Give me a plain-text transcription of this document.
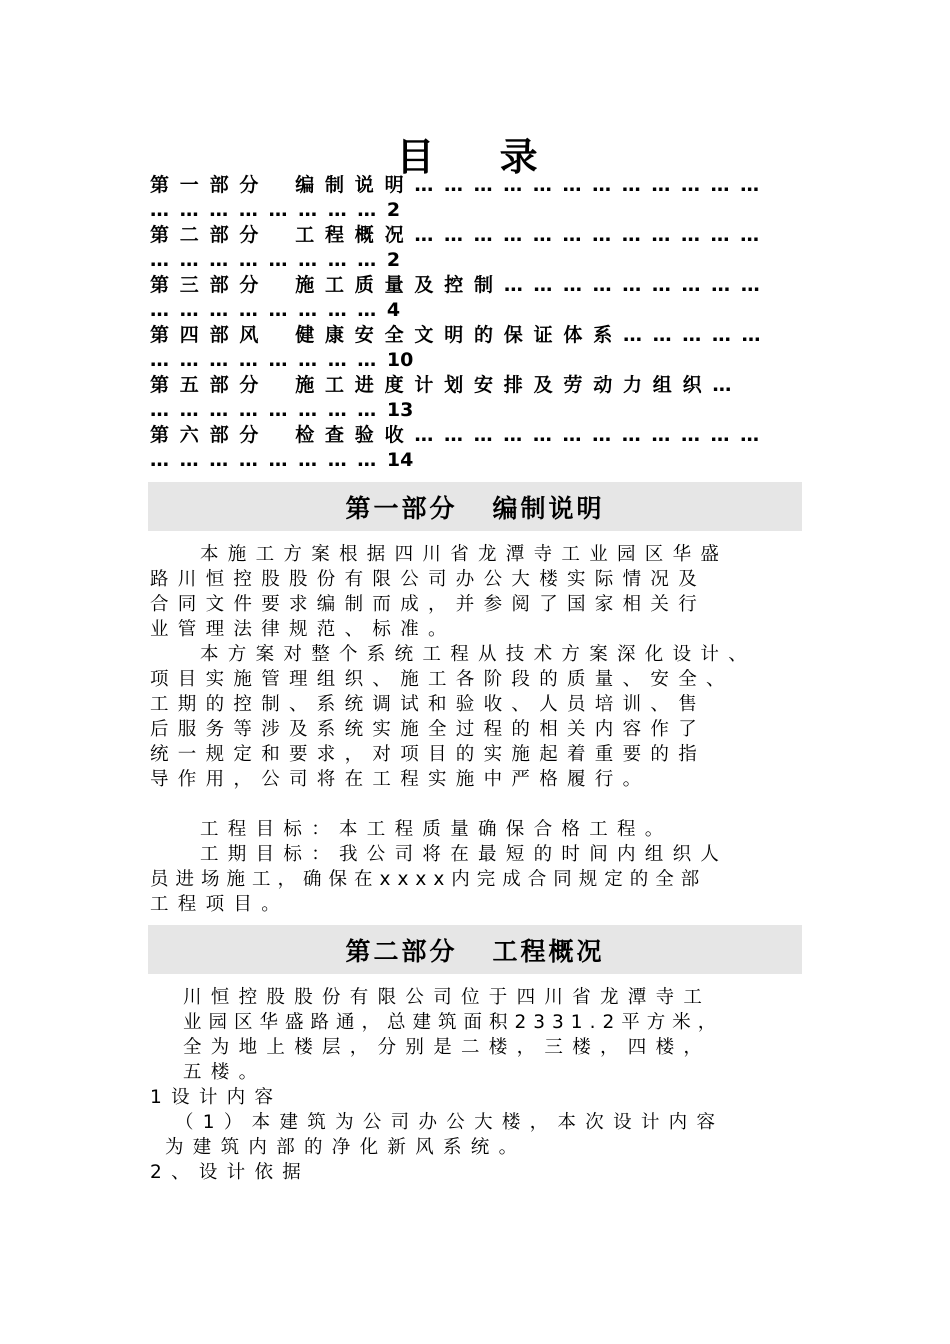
目 录
第一部分 编制说明… … … … … … … … … … … …
… … … … … … … … 2
第二部分 工程概况… … … … … … … … … … … …
… … … … … … … … 2
第三部分 施工质量及控制… … … … … … … … …
… … … … … … … … 4
第四部风 健康安全文明的保证体系… … … … …
… … … … … … … … 10
第五部分 施工进度计划安排及劳动力组织…
… … … … … … … … 13
第六部分 检查验收… … … … … … … … … … … …
… … … … … … … … 14
第一部分   编制说明

本施工方案根据四川省龙潭寺工业园区华盛

路川恒控股股份有限公司办公大楼实际情况及

合同文件要求编制而成，并参阅了国家相关行

业管理法律规范、标准。

本方案对整个系统工程从技术方案深化设计、

项目实施管理组织、施工各阶段的质量、安全、

工期的控制、系统调试和验收、人员培训、售

后服务等涉及系统实施全过程的相关内容作了

统一规定和要求，对项目的实施起着重要的指

导作用，公司将在工程实施中严格履行。

工程目标：本工程质量确保合格工程。

工期目标：我公司将在最短的时间内组织人

员进场施工，确保在xxxx内完成合同规定的全部

工程项目。

第二部分   工程概况

川恒控股股份有限公司位于四川省龙潭寺工

业园区华盛路通，总建筑面积2331.2平方米，

全为地上楼层，分别是二楼，三楼，四楼，

五楼。

1设计内容

（1）本建筑为公司办公大楼，本次设计内容

为建筑内部的净化新风系统。

2、设计依据
